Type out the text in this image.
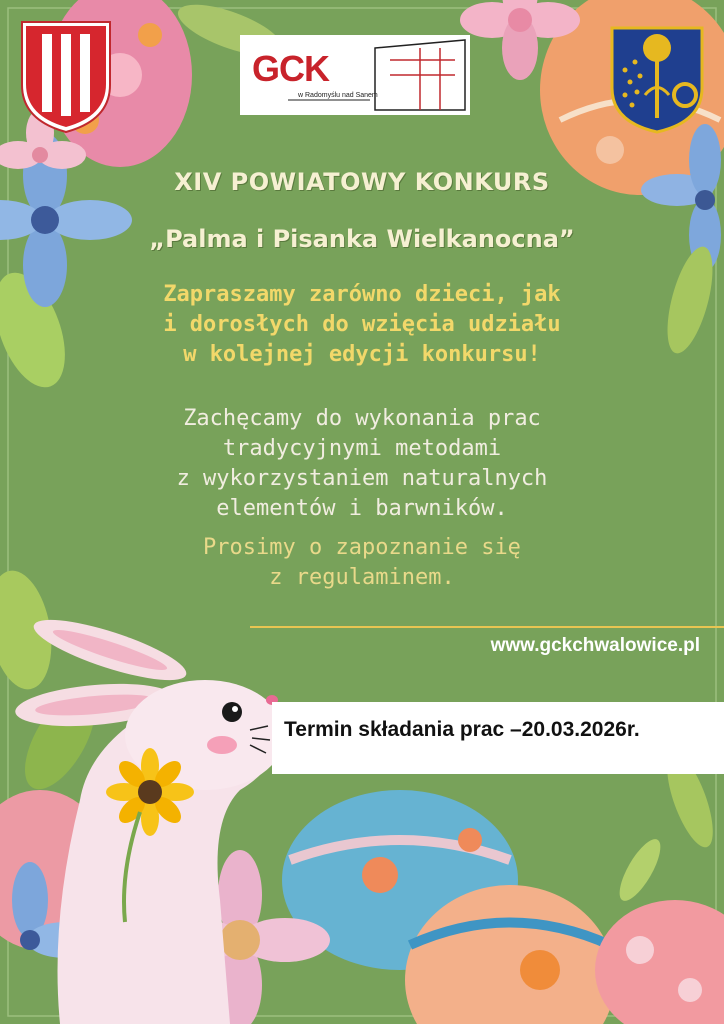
GCK
w Radomyślu nad Sanem
XIV POWIATOWY KONKURS
„Palma i Pisanka Wielkanocna”
Zapraszamy zarówno dzieci, jak
i dorosłych do wzięcia udziału
w kolejnej edycji konkursu!
Zachęcamy do wykonania prac
tradycyjnymi metodami
z wykorzystaniem naturalnych
elementów i barwników.
Prosimy o zapoznanie się
z regulaminem.
www.gckchwalowice.pl
Termin składania prac –20.03.2026r.
